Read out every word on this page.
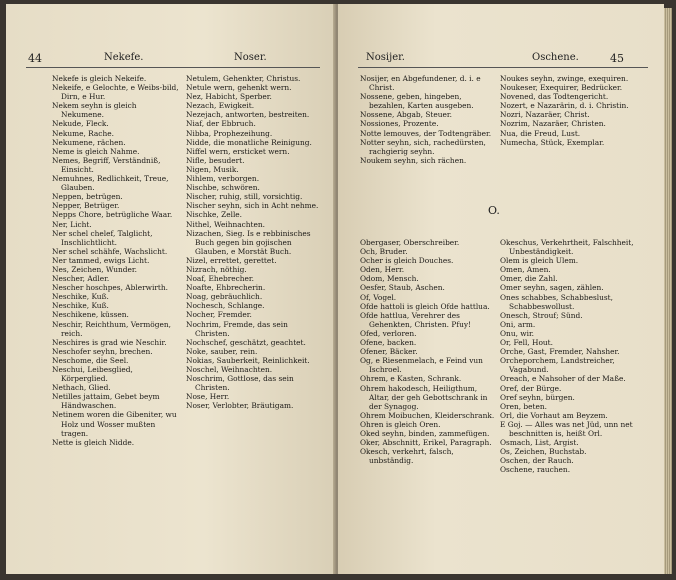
44	Nekefe.	Noser.
Nekefe is gleich Nekeife.
Nekeife, e Gelochte, e Weibs-bild, Dirn, e Hur.
Nekem seyhn is gleich Nekumene.
Nekude, Fleck.
Nekume, Rache.
Nekumene, rächen.
Neme is gleich Nahme.
Nemes, Begriff, Verständniß, Einsicht.
Nemuhnes, Redlichkeit, Treue, Glauben.
Neppen, betrügen.
Nepper, Betrüger.
Nepps Chore, betrügliche Waar.
Ner, Licht.
Ner schel chelef, Talglicht, Inschlichtlicht.
Ner schel schähfe, Wachslicht.
Ner tammed, ewigs Licht.
Nes, Zeichen, Wunder.
Nescher, Adler.
Nescher hoschpes, Ablerwirth.
Neschike, Kuß.
Neschike, Kuß.
Neschikene, küssen.
Neschir, Reichthum, Vermögen, reich.
Neschires is grad wie Neschir.
Neschofer seyhn, brechen.
Neschome, die Seel.
Neschui, Leibesglied, Körperglied.
Nethach, Glied.
Netilles jattaim, Gebet beym Händwaschen.
Netinem woren die Gibeniter, wu Holz und Wosser mußten tragen.
Nette is gleich Nidde.
Netulem, Gehenkter, Christus.
Netule wern, gehenkt wern.
Nez, Habicht, Sperber.
Nezach, Ewigkeit.
Nezejach, antworten, bestreiten.
Niaf, der Ebbruch.
Nibba, Prophezeihung.
Nidde, die monatliche Reinigung.
Niffel wern, ersticket wern.
Nifle, besudert.
Nigen, Musik.
Nihlem, verborgen.
Nischbe, schwören.
Nischer, ruhig, still, vorsichtig.
Nischer seyhn, sich in Acht nehme.
Nischke, Zelle.
Nithel, Weihnachten.
Nizachen, Sieg. Is e rebbinisches Buch gegen bin gojischen Glauben, e Morstät Buch.
Nizel, errettet, gerettet.
Nizrach, nöthig.
Noaf, Ehebrecher.
Noafte, Ehbrecherin.
Noag, gebräuchlich.
Nochesch, Schlange.
Nocher, Fremder.
Nochrim, Fremde, das sein Christen.
Nochschef, geschätzt, geachtet.
Noke, sauber, rein.
Nokias, Sauberkeit, Reinlichkeit.
Noschel, Weihnachten.
Noschrim, Gottlose, das sein Christen.
Nose, Herr.
Noser, Verlobter, Bräutigam.
Nosijer.	Oschene.	45
Nosijer, en Abgefundener, d. i. e Christ.
Nossene, geben, hingeben, bezahlen, Karten ausgeben.
Nossene, Abgab, Steuer.
Nossiones, Prozente.
Notte lemouves, der Todtengräber.
Notter seyhn, sich, rachedürsten, rachgierig seyhn.
Noukem seyhn, sich rächen.
Noukes seyhn, zwinge, exequiren.
Noukeser, Exequirer, Bedrücker.
Novened, das Todtengericht.
Nozert, e Nazarärin, d. i. Christin.
Nozri, Nazaräer, Christ.
Nozrim, Nazaräer, Christen.
Nua, die Freud, Lust.
Numecha, Stück, Exemplar.
O.
Obergaser, Oberschreiber.
Och, Bruder.
Ocher is gleich Douches.
Oden, Herr.
Odom, Mensch.
Oesfer, Staub, Aschen.
Of, Vogel.
Ofde hattoli is gleich Ofde hattlua.
Ofde hattlua, Verehrer des Gehenkten, Christen. Pfuy!
Ofed, verloren.
Ofene, backen.
Ofener, Bäcker.
Og, e Riesenmelach, e Feind vun Ischroel.
Ohrem, e Kasten, Schrank.
Ohrem hakodesch, Heiligthum, Altar, der geh Gebottschrank in der Synagog.
Ohrem Moibuchen, Kleiderschrank.
Ohren is gleich Oren.
Oked seyhn, binden, zammefügen.
Oker, Abschnitt, Erikel, Paragraph.
Okesch, verkehrt, falsch, unbständig.
Okeschus, Verkehrtheit, Falschheit, Unbeständigkeit.
Olem is gleich Ulem.
Omen, Amen.
Omer, die Zahl.
Omer seyhn, sagen, zählen.
Ones schabbes, Schabbeslust, Schabbeswollust.
Onesch, Strouf; Sünd.
Oni, arm.
Onu, wir.
Or, Fell, Hout.
Orche, Gast, Fremder, Nahsher.
Orcheporchem, Landstreicher, Vagabund.
Oreach, e Nahsoher of der Maße.
Oref, der Bürge.
Oref seyhn, bürgen.
Oren, beten.
Orl, die Vorhaut am Beyzem.
E Goj. — Alles was net Jüd, unn net beschnitten is, heißt Orl.
Osmach, List, Argist.
Os, Zeichen, Buchstab.
Oschen, der Rauch.
Oschene, rauchen.
